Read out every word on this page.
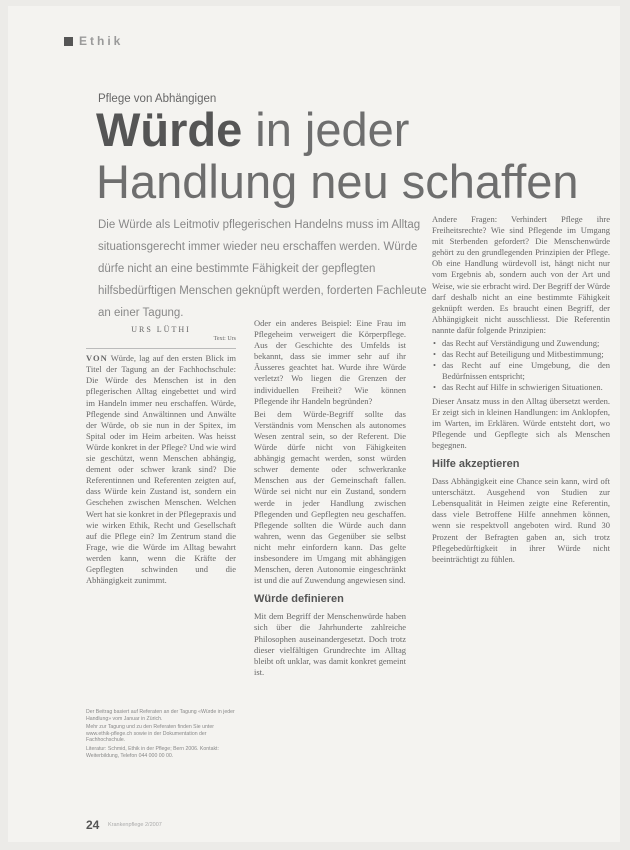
Ethik
Pflege von Abhängigen
Würde in jeder Handlung neu schaffen
Die Würde als Leitmotiv pflegerischen Handelns muss im Alltag situationsgerecht immer wieder neu erschaffen werden. Würde dürfe nicht an eine bestimmte Fähigkeit der gepflegten hilfsbedürftigen Menschen geknüpft werden, forderten Fachleute an einer Tagung.
URS LÜTHI
Text: Urs

VON Würde, lag auf den ersten Blick im Titel der Tagung an der Fachhochschule: Die Würde des Menschen ist in den pflegerischen Alltag eingebettet und wird im Handeln immer neu erschaffen. Würde, Pflegende sind Anwältinnen und Anwälte der Würde, ob sie nun in der Spitex, im Spital oder im Heim arbeiten. Was heisst Würde konkret in der Pflege? Und wie wird sie geschützt, wenn Menschen abhängig, dement oder schwer krank sind? Die Referentinnen und Referenten zeigten auf, dass Würde kein Zustand ist, sondern ein Geschehen zwischen Menschen. Welchen Wert hat sie konkret in der Pflegepraxis und wie wirken Ethik, Recht und Gesellschaft auf die Pflege ein? Im Zentrum stand die Frage, wie die Würde im Alltag bewahrt werden kann, wenn die Kräfte der Gepflegten schwinden und die Abhängigkeit zunimmt.

Der Beitrag basiert auf Referaten an der Tagung «Würde in jeder Handlung» vom Januar in Zürich.

Mehr zur Tagung und zu den Referaten finden Sie unter www.ethik-pflege.ch sowie in der Dokumentation der Fachhochschule.

Literatur: Schmid, Ethik in der Pflege; Bern 2006. Kontakt: Weiterbildung, Telefon 044 000 00 00.

Oder ein anderes Beispiel: Eine Frau im Pflegeheim verweigert die Körperpflege. Aus der Geschichte des Umfelds ist bekannt, dass sie immer sehr auf ihr Äusseres geachtet hat. Wurde ihre Würde verletzt? Wo liegen die Grenzen der individuellen Freiheit? Wie können Pflegende ihr Handeln begründen?

Bei dem Würde-Begriff sollte das Verständnis vom Menschen als autonomes Wesen zentral sein, so der Referent. Die Würde dürfe nicht von Fähigkeiten abhängig gemacht werden, sonst würden schwer demente oder schwerkranke Menschen aus der Gemeinschaft fallen. Würde sei nicht nur ein Zustand, sondern werde in jeder Handlung zwischen Pflegenden und Gepflegten neu geschaffen. Pflegende sollten die Würde auch dann wahren, wenn das Gegenüber sie selbst nicht mehr einfordern kann. Das gelte insbesondere im Umgang mit abhängigen Menschen, deren Autonomie eingeschränkt ist und die auf Zuwendung angewiesen sind.

Würde definieren

Mit dem Begriff der Menschenwürde haben sich über die Jahrhunderte zahlreiche Philosophen auseinandergesetzt. Doch trotz dieser vielfältigen Grundrechte im Alltag bleibt oft unklar, was damit konkret gemeint ist.

Andere Fragen: Verhindert Pflege ihre Freiheitsrechte? Wie sind Pflegende im Umgang mit Sterbenden gefordert? Die Menschenwürde gehört zu den grundlegenden Prinzipien der Pflege. Ob eine Handlung würdevoll ist, hängt nicht nur vom Ergebnis ab, sondern auch von der Art und Weise, wie sie erbracht wird. Der Begriff der Würde darf deshalb nicht an eine bestimmte Fähigkeit geknüpft werden. Es braucht einen Begriff, der Abhängigkeit nicht ausschliesst. Die Referentin nannte dafür folgende Prinzipien:

• das Recht auf Verständigung und Zuwendung;
• das Recht auf Beteiligung und Mitbestimmung;
• das Recht auf eine Umgebung, die den Bedürfnissen entspricht;
• das Recht auf Hilfe in schwierigen Situationen.

Dieser Ansatz muss in den Alltag übersetzt werden. Er zeigt sich in kleinen Handlungen: im Anklopfen, im Warten, im Erklären. Würde entsteht dort, wo Pflegende und Gepflegte sich als Menschen begegnen.

Hilfe akzeptieren

Dass Abhängigkeit eine Chance sein kann, wird oft unterschätzt. Ausgehend von Studien zur Lebensqualität in Heimen zeigte eine Referentin, dass viele Betroffene Hilfe annehmen können, wenn sie respektvoll angeboten wird. Rund 30 Prozent der Befragten gaben an, sich trotz Pflegebedürftigkeit in ihrer Würde nicht beeinträchtigt zu fühlen.

24 Krankenpflege 2/2007
